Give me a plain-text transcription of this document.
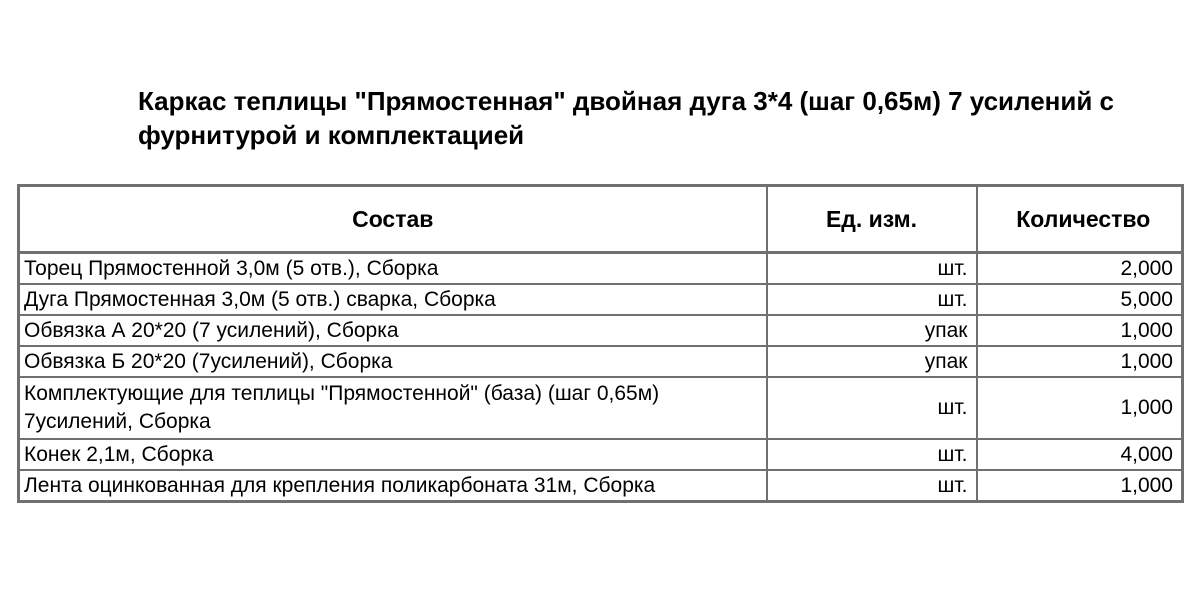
Каркас теплицы "Прямостенная" двойная дуга 3*4 (шаг 0,65м) 7 усилений с фурнитурой и комплектацией
Состав	Ед. изм.	Количество
Торец Прямостенной 3,0м (5 отв.), Сборка	шт.	2,000
Дуга Прямостенная 3,0м (5 отв.) сварка, Сборка	шт.	5,000
Обвязка А 20*20 (7 усилений), Сборка	упак	1,000
Обвязка Б 20*20 (7усилений), Сборка	упак	1,000
Комплектующие для теплицы "Прямостенной" (база) (шаг 0,65м) 7усилений, Сборка	шт.	1,000
Конек 2,1м, Сборка	шт.	4,000
Лента оцинкованная для крепления поликарбоната 31м, Сборка	шт.	1,000
